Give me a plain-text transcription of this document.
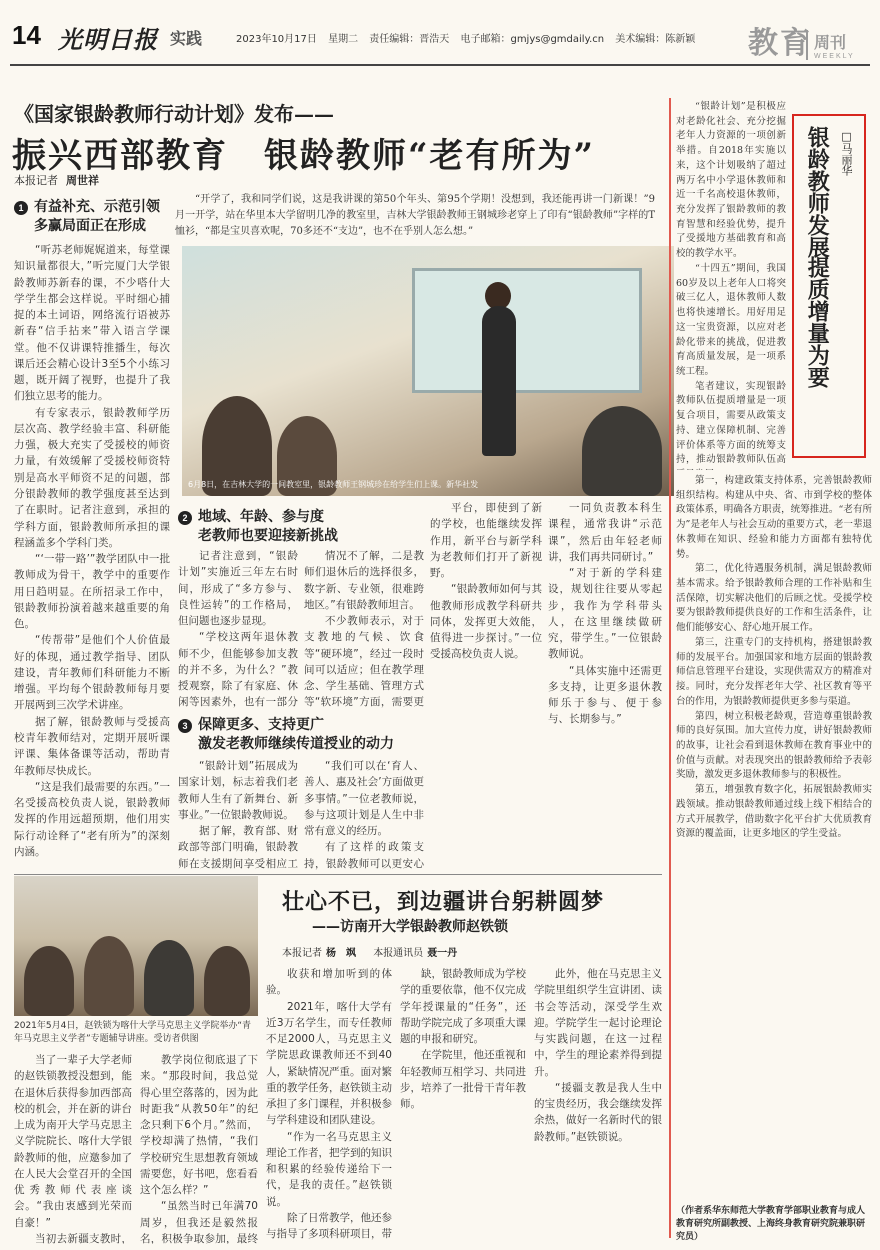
14 光明日报 实践	2023年10月17日 星期二 责任编辑：晋浩天 电子邮箱：gmjys@gmdaily.cn 美术编辑：陈新颖 教育 周刊
WEEKLY
《国家银龄教师行动计划》发布——
振兴西部教育　银龄教师“老有所为”
本报记者 周世祥

“开学了，我和同学们说，这是我讲课的第50个年头、第95个学期！没想到，我还能再讲一门新课！”9月一开学，站在华里本大学留明几净的教室里，吉林大学银龄教师王钢城珍老穿上了印有“银龄教师”字样的T恤衫，“都是宝贝喜欢呢，70多还不“支边”，也不在乎别人怎么想。”

6月8日，在吉林大学的一间教室里，银龄教师王钢城珍在给学生们上课。新华社发
1 有益补充、示范引领
多赢局面正在形成

“听苏老师娓娓道来，每堂课知识量都很大，”听完厦门大学银龄教师苏新春的课，不少嗒什大学学生都会这样说。平时细心捕捉的本土词语，网络流行语被苏新春“信手拈来”带入语言学课堂。他不仅讲课特推播生，每次课后还会精心设计3至5个小练习题，既开阔了视野，也提升了我们独立思考的能力。

有专家表示，银龄教师学历层次高、教学经验丰富、科研能力强，极大充实了受援校的师资力量，有效缓解了受援校师资特别是高水平师资不足的问题，部分银龄教师的教学强度甚至达到了在职时。记者注意到，承担的学科方面，银龄教师所承担的课程涵盖多个学科门类。

“‘一带一路’”教学团队中一批教师成为骨干，教学中的重要作用日趋明显。在所招录工作中，银龄教师扮演着越来越重要的角色。

“传帮带”是他们个人价值最好的体现，通过教学指导、团队建设，青年教师们科研能力不断增强。平均每个银龄教师每月要开展两到三次学术讲座。

据了解，银龄教师与受援高校青年教师结对，定期开展听课评课、集体备课等活动，帮助青年教师尽快成长。

“这是我们最需要的东西。”一名受援高校负责人说，银龄教师发挥的作用远超预期，他们用实际行动诠释了“老有所为”的深刻内涵。

2 地域、年龄、参与度
老教师也要迎接新挑战

记者注意到，“银龄计划”实施近三年左右时间，形成了“多方参与、良性运转”的工作格局，但问题也逐步显现。

“学校这两年退休教师不少，但能够参加支教的并不多，为什么？”教授观察，除了有家庭、休闲等因素外，也有一部分

情况不了解，二是教师们退休后的选择很多，数字新、专业领，很难跨地区。”有银龄教师坦言。

不少教师表示，对于支教地的气候、饮食等“硬环境”，经过一段时间可以适应；但在教学理念、学生基础、管理方式等“软环境”方面，需要更

平台，即使到了新的学校，也能继续发挥作用，新平台与新学科为老教师们打开了新视野。

“银龄教师如何与其他教师形成教学科研共同体，发挥更大效能，值得进一步探讨。”一位受援高校负责人说。

一同负责教本科生课程，通常我讲“示范课”，然后由年轻老师讲，我们再共同研讨。”

“对于新的学科建设，规划往往要从零起步，我作为学科带头人，在这里继续做研究，带学生。”一位银龄教师说。

“具体实施中还需更多支持，让更多退休教师乐于参与、便于参与、长期参与。”

3 保障更多、支持更广
激发老教师继续传道授业的动力

“银龄计划”拓展成为国家计划，标志着我们老教师人生有了新舞台、新事业。”一位银龄教师说。

据了解，教育部、财政部等部门明确，银龄教师在支援期间享受相应工

“我们可以在‘育人、善人、惠及社会’方面做更多事情。”一位老教师说，参与这项计划是人生中非常有意义的经历。

有了这样的政策支持，银龄教师可以更安心

2021年5月4日，赵铁锁为喀什大学马克思主义学院举办“青年马克思主义学者”专题辅导讲座。受访者供图
壮心不已，到边疆讲台躬耕圆梦
——访南开大学银龄教师赵铁锁
本报记者 杨　飒 本报通讯员 聂一丹

当了一辈子大学老师的赵铁锁教授没想到，能在退休后获得参加西部高校的机会，并在新的讲台上成为南开大学马克思主义学院院长、喀什大学银龄教师的他，应邀参加了在人民大会堂召开的全国优秀教师代表座谈会。“我由衷感到光荣而自豪！”

当初去新疆支教时，

教学岗位彻底退了下来。“那段时间，我总觉得心里空落落的，因为此时距我“从教50年”的纪念只剩下6个月。”然而，学校却满了热情，“我们学校研究生思想教育领域需要您，好书吧，您看看这个怎么样？”

“虽然当时已年满70周岁，但我还是毅然报名，积极争取参加，最终

收获和增加听到的体验。

2021年，喀什大学有近3万名学生，而专任教师不足2000人，马克思主义学院思政课教师还不到40人，紧缺情况严重。面对繁重的教学任务，赵铁锁主动承担了多门课程，并积极参与学科建设和团队建设。

“作为一名马克思主义理论工作者，把学到的知识和积累的经验传递给下一代，是我的责任。”赵铁锁说。

除了日常教学，他还参与指导了多项科研项目，带

缺，银龄教师成为学校学的重要依靠，他不仅完成学年授课量的“任务”，还帮助学院完成了多项重大课题的申报和研究。

在学院里，他还重视和年轻教师互相学习、共同进步，培养了一批骨干青年教师。

此外，他在马克思主义学院里组织学生宣讲团、读书会等活动，深受学生欢迎。学院学生一起讨论理论与实践问题，在这一过程中，学生的理论素养得到提升。

“援疆支教是我人生中的宝贵经历，我会继续发挥余热，做好一名新时代的银龄教师。”赵铁锁说。

银龄教师发展
提质增量为要
□马丽华

“银龄计划”是积极应对老龄化社会、充分挖掘老年人力资源的一项创新举措。自2018年实施以来，这个计划吸纳了超过两万名中小学退休教师和近一千名高校退休教师，充分发挥了银龄教师的教育智慧和经验优势，提升了受援地方基础教育和高校的教学水平。

“十四五”期间，我国60岁及以上老年人口将突破三亿人，退休教师人数也将快速增长。用好用足这一宝贵资源，以应对老龄化带来的挑战，促进教育高质量发展，是一项系统工程。

笔者建议，实现银龄教师队伍提质增量是一项复合项目，需要从政策支持、建立保障机制、完善评价体系等方面的统筹支持，推动银龄教师队伍高

第一，构建政策支持体系，完善银龄教师组织结构。构建从中央、省、市到学校的整体政策体系，明确各方职责，统筹推进。“老有所为”是老年人与社会互动的重要方式，老一辈退休教师在知识、经验和能力方面都有独特优势。

第二，优化待遇服务机制，满足银龄教师基本需求。给予银龄教师合理的工作补贴和生活保障，切实解决他们的后顾之忧。受援学校要为银龄教师提供良好的工作和生活条件，让他们能够安心、舒心地开展工作。

第三，注重专门的支持机构，搭建银龄教师的发展平台。加强国家和地方层面的银龄教师信息管理平台建设，实现供需双方的精准对接。同时，充分发挥老年大学、社区教育等平台的作用，为银龄教师提供更多参与渠道。

第四，树立积极老龄观，营造尊重银龄教师的良好氛围。加大宣传力度，讲好银龄教师的故事，让社会看到退休教师在教育事业中的价值与贡献。对表现突出的银龄教师给予表彰奖励，激发更多退休教师参与的积极性。

第五，增强教育数字化，拓展银龄教师实践领域。推动银龄教师通过线上线下相结合的方式开展教学，借助数字化平台扩大优质教育资源的覆盖面，让更多地区的学生受益。

（作者系华东师范大学教育学部职业教育与成人教育研究所副教授、上海终身教育研究院兼职研究员）
